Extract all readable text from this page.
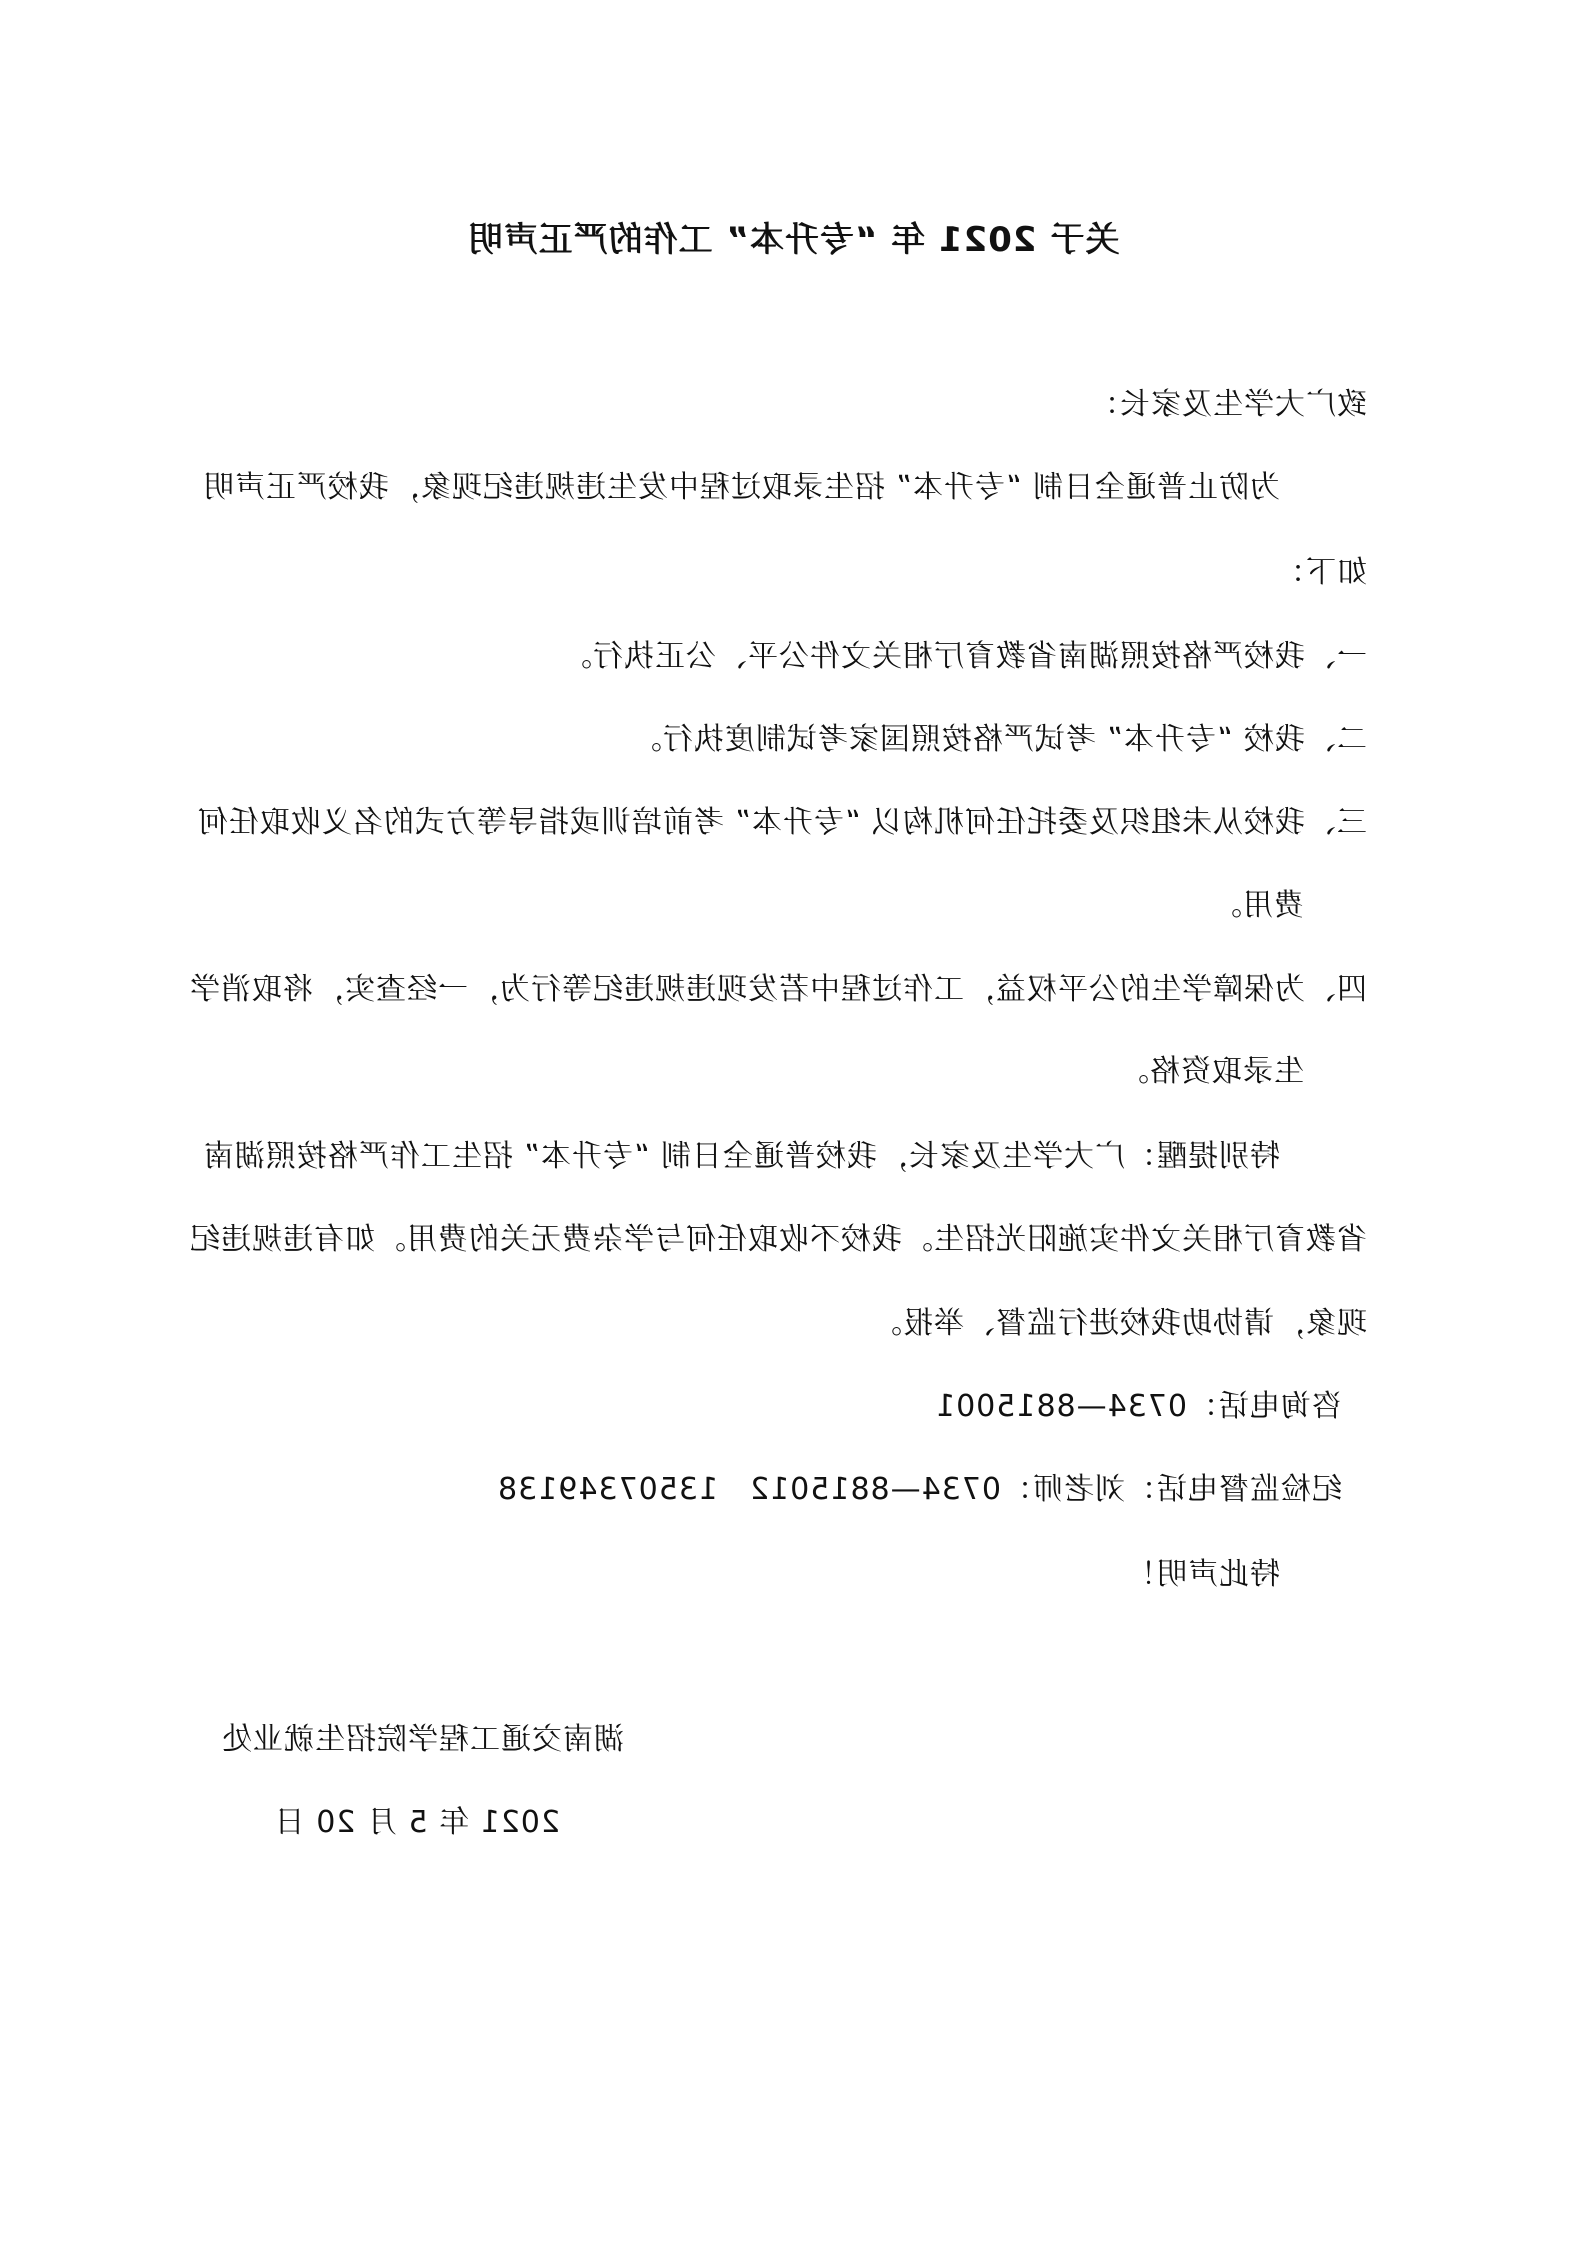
关于 2021 年 “专升本” 工作的严正声明
致广大学生及家长：
为防止普通全日制 “专升本” 招生录取过程中发生违规违纪现象，我校严正声明
如下：
一、我校严格按照湖南省教育厅相关文件公平、公正执行。
二、我校 “专升本” 考试严格按照国家考试制度执行。
三、我校从未组织及委托任何机构以 “专升本” 考前培训或指导等方式的名义收取任何
费用。
四、为保障学生的公平权益，工作过程中若发现违规违纪等行为，一经查实，将取消学
生录取资格。
特别提醒：广大学生及家长，我校普通全日制 “专升本” 招生工作严格按照湖南
省教育厅相关文件实施阳光招生。我校不收取任何与学杂费无关的费用。如有违规违纪
现象，请协助我校进行监督、举报。
咨询电话：0734—8815001
纪检监督电话：刘老师：0734—8815012　13507349138
特此声明！
湖南交通工程学院招生就业处
2021 年 5 月 20 日
